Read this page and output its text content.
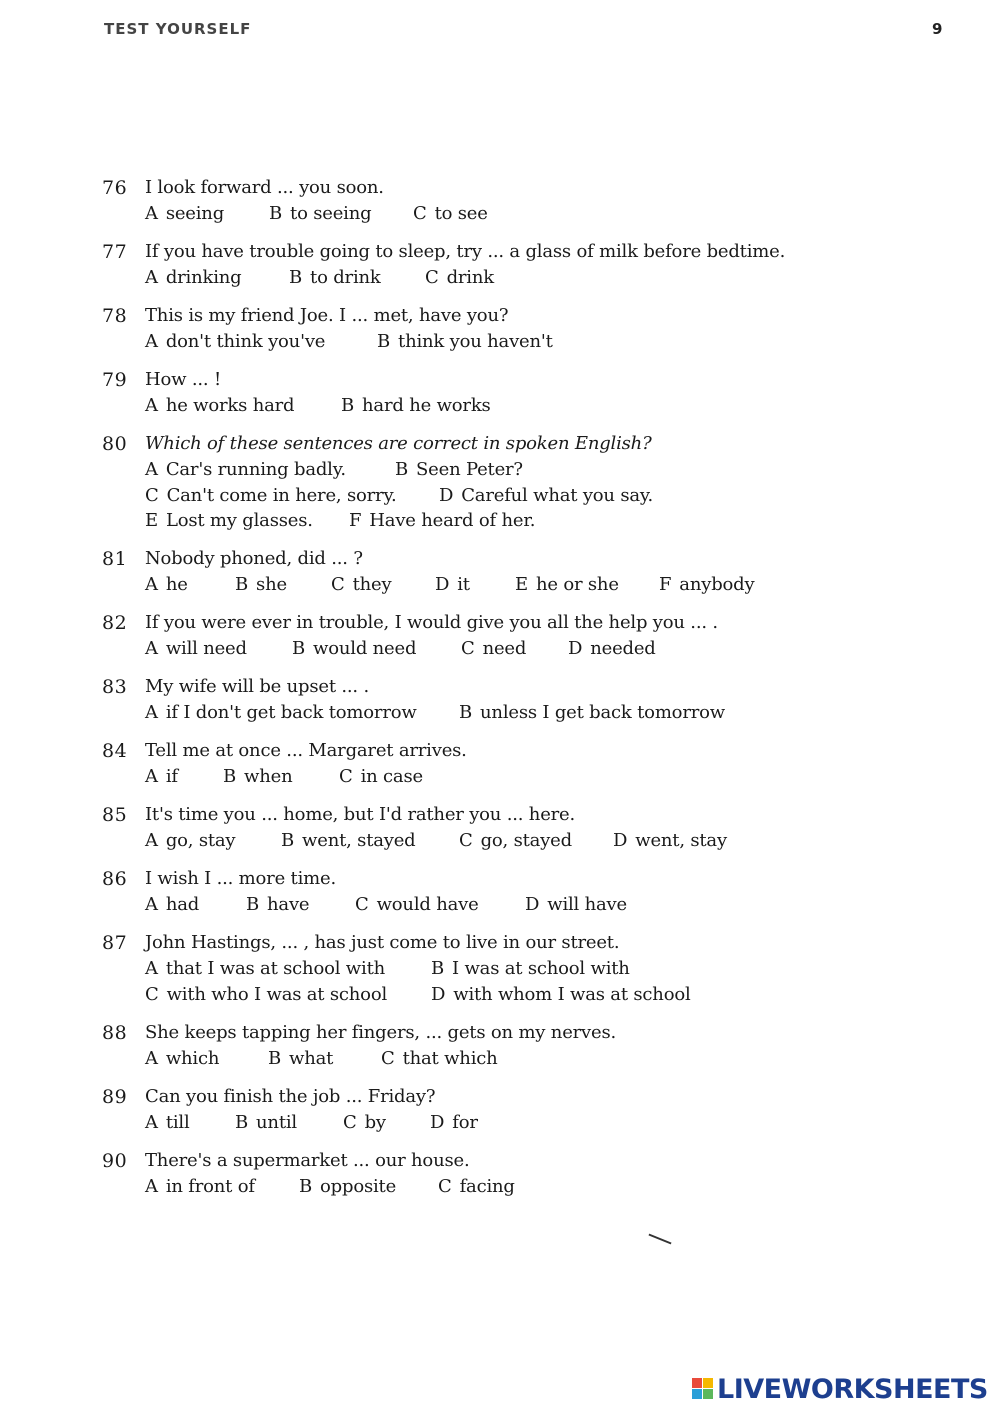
TEST YOURSELF	9
76 I look forward ... you soon.
A seeing B to seeing C to see
77 If you have trouble going to sleep, try ... a glass of milk before bedtime.
A drinking	B to drink C drink
78 This is my friend Joe. I ... met, have you?
A don't think you've	B think you haven't
79 How ... !
A he works hard	B hard he works
80 Which of these sentences are correct in spoken English?
A Car's running badly.	B Seen Peter?
C Can't come in here, sorry. D Careful what you say.
E Lost my glasses. F Have heard of her.
81 Nobody phoned, did ... ?
A he	B she C they D it	E he or she F anybody
82 If you were ever in trouble, I would give you all the help you ... .
A will need	B would need C need D needed
83 My wife will be upset ... .
A if I don't get back tomorrow B unless I get back tomorrow
84 Tell me at once ... Margaret arrives.
A if	B when	C in case
85 It's time you ... home, but I'd rather you ... here.
A go, stay	B went, stayed C go, stayed D went, stay
86 I wish I ... more time.
A had	B have	C would have	D will have
87 John Hastings, ... , has just come to live in our street.
A that I was at school with	B I was at school with
C with who I was at school D with whom I was at school
88 She keeps tapping her fingers, ... gets on my nerves.
A which	B what	C that which
89 Can you finish the job ... Friday?
A till	B until	C by D for
90 There's a supermarket ... our house.
A in front of B opposite C facing
LIVEWORKSHEETS
